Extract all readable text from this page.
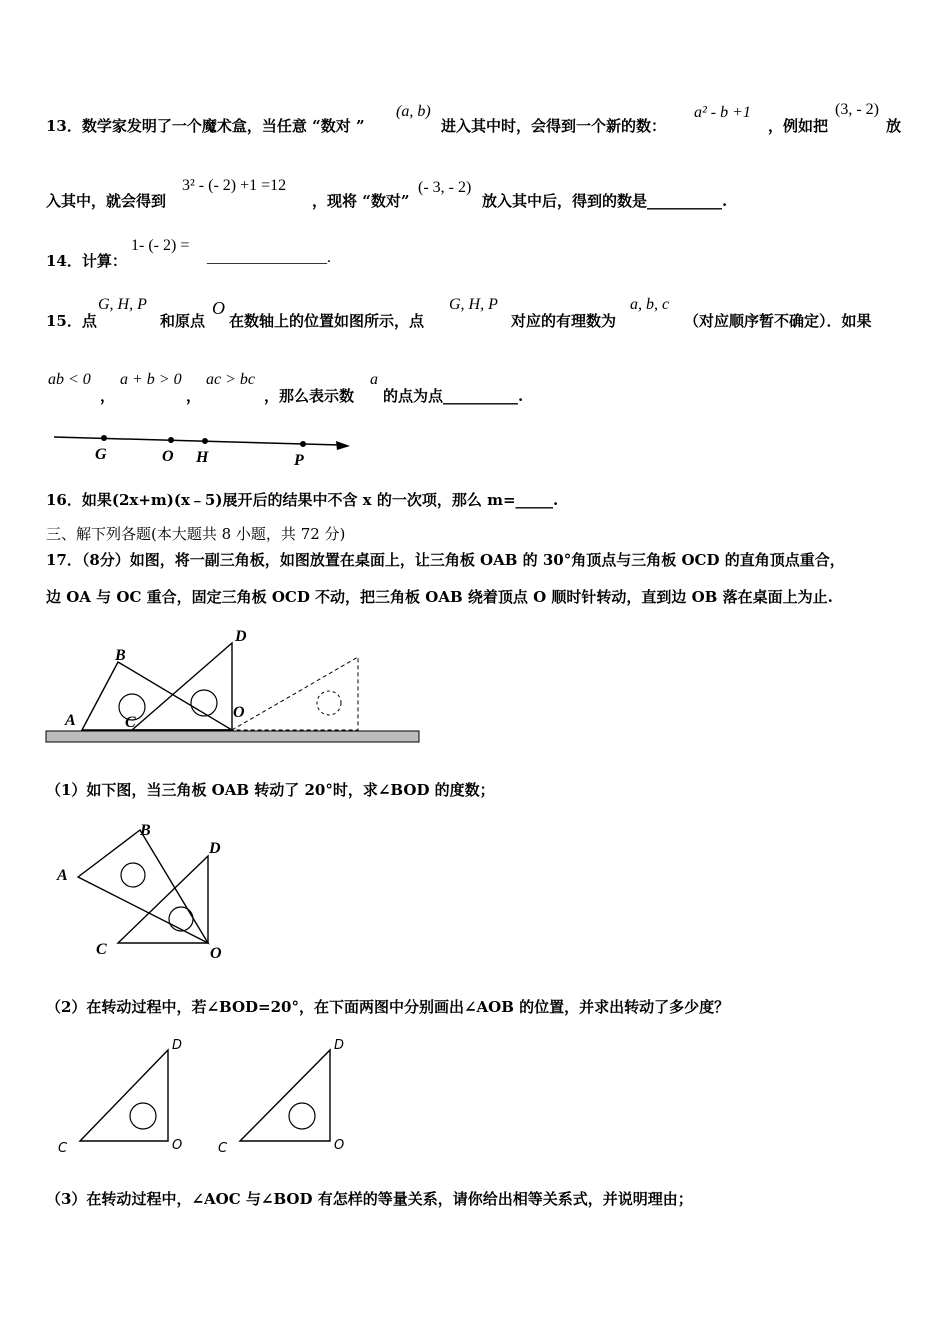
13．数学家发明了一个魔术盒，当任意 “数对 ”
(a, b)
进入其中时，会得到一个新的数：
a² - b +1
，例如把
(3, - 2)
放
入其中，就会得到
3² - (- 2) +1 =12
，现将 “数对”
(- 3, - 2)
放入其中后，得到的数是__________.
14．计算：
1- (- 2) =
_______________.
15．点
G, H, P
和原点
O
在数轴上的位置如图所示，点
G, H, P
对应的有理数为
a, b, c
（对应顺序暂不确定）．如果
ab < 0
，
a + b > 0
，
ac > bc
，那么表示数
a
的点为点__________.
G	O H	P
16．如果(2x+m)(x﹣5)展开后的结果中不含 x 的一次项，那么 m=_____.
三、解下列各题(本大题共 8 小题，共 72 分)
17．（8分）如图，将一副三角板，如图放置在桌面上，让三角板 OAB 的 30°角顶点与三角板 OCD 的直角顶点重合，
边 OA 与 OC 重合，固定三角板 OCD 不动，把三角板 OAB 绕着顶点 O 顺时针转动，直到边 OB 落在桌面上为止.
B
D
A	C
O
（1）如下图，当三角板 OAB 转动了 20°时，求∠BOD 的度数；
B
D
A
C	O
（2）在转动过程中，若∠BOD=20°，在下面两图中分别画出∠AOB 的位置，并求出转动了多少度？
D
C	O
D
C	O
（3）在转动过程中，∠AOC 与∠BOD 有怎样的等量关系，请你给出相等关系式，并说明理由；
